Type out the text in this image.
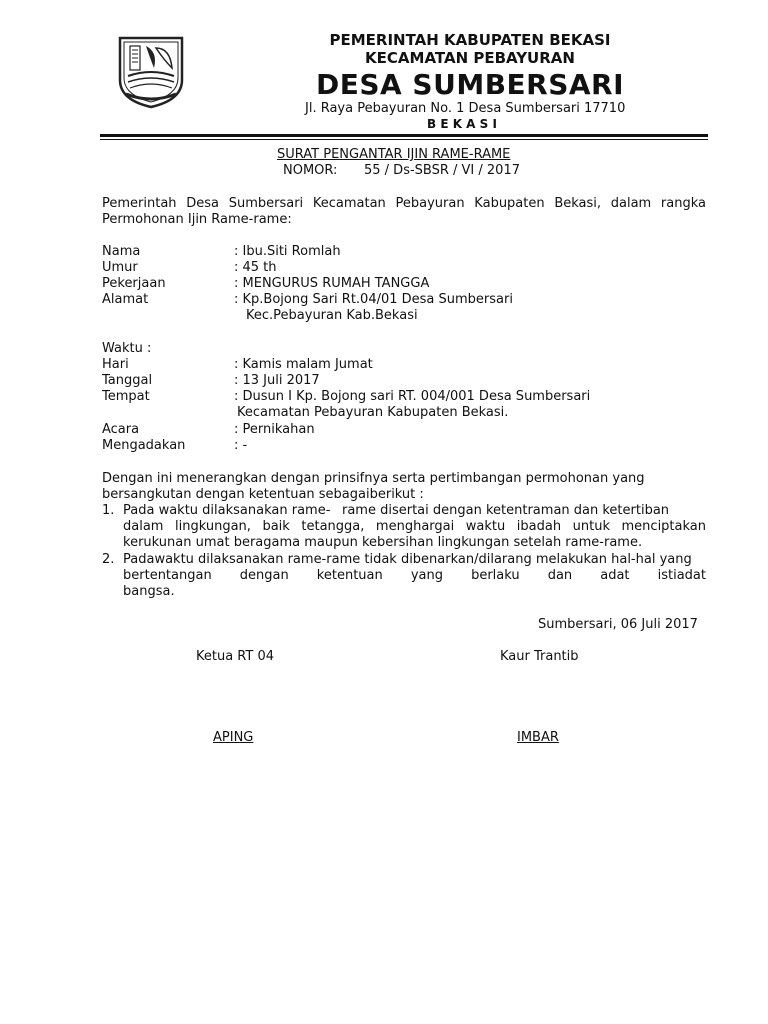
PEMERINTAH KABUPATEN BEKASI
KECAMATAN PEBAYURAN
DESA SUMBERSARI
Jl. Raya Pebayuran No. 1 Desa Sumbersari 17710
B E K A S I
SURAT PENGANTAR IJIN RAME-RAME
NOMOR: 55 / Ds-SBSR / VI / 2017
Pemerintah Desa Sumbersari Kecamatan Pebayuran Kabupaten Bekasi, dalam rangka
Permohonan Ijin Rame-rame:
Nama	: Ibu.Siti Romlah
Umur	: 45 th
Pekerjaan	: MENGURUS RUMAH TANGGA
Alamat	: Kp.Bojong Sari Rt.04/01 Desa Sumbersari
Kec.Pebayuran Kab.Bekasi
Waktu :
Hari	: Kamis malam Jumat
Tanggal	: 13 Juli 2017
Tempat	: Dusun I Kp. Bojong sari RT. 004/001 Desa Sumbersari
Kecamatan Pebayuran Kabupaten Bekasi.
Acara	: Pernikahan
Mengadakan	: -
Dengan ini menerangkan dengan prinsifnya serta pertimbangan permohonan yang
bersangkutan dengan ketentuan sebagaiberikut :
1. Pada waktu dilaksanakan rame- rame disertai dengan ketentraman dan ketertiban
dalam lingkungan, baik tetangga, menghargai waktu ibadah untuk menciptakan
kerukunan umat beragama maupun kebersihan lingkungan setelah rame-rame.
2. Padawaktu dilaksanakan rame-rame tidak dibenarkan/dilarang melakukan hal-hal yang
bertentangan dengan ketentuan yang berlaku dan adat istiadat
bangsa.
Sumbersari, 06 Juli 2017
Ketua RT 04	Kaur Trantib
APING	IMBAR
